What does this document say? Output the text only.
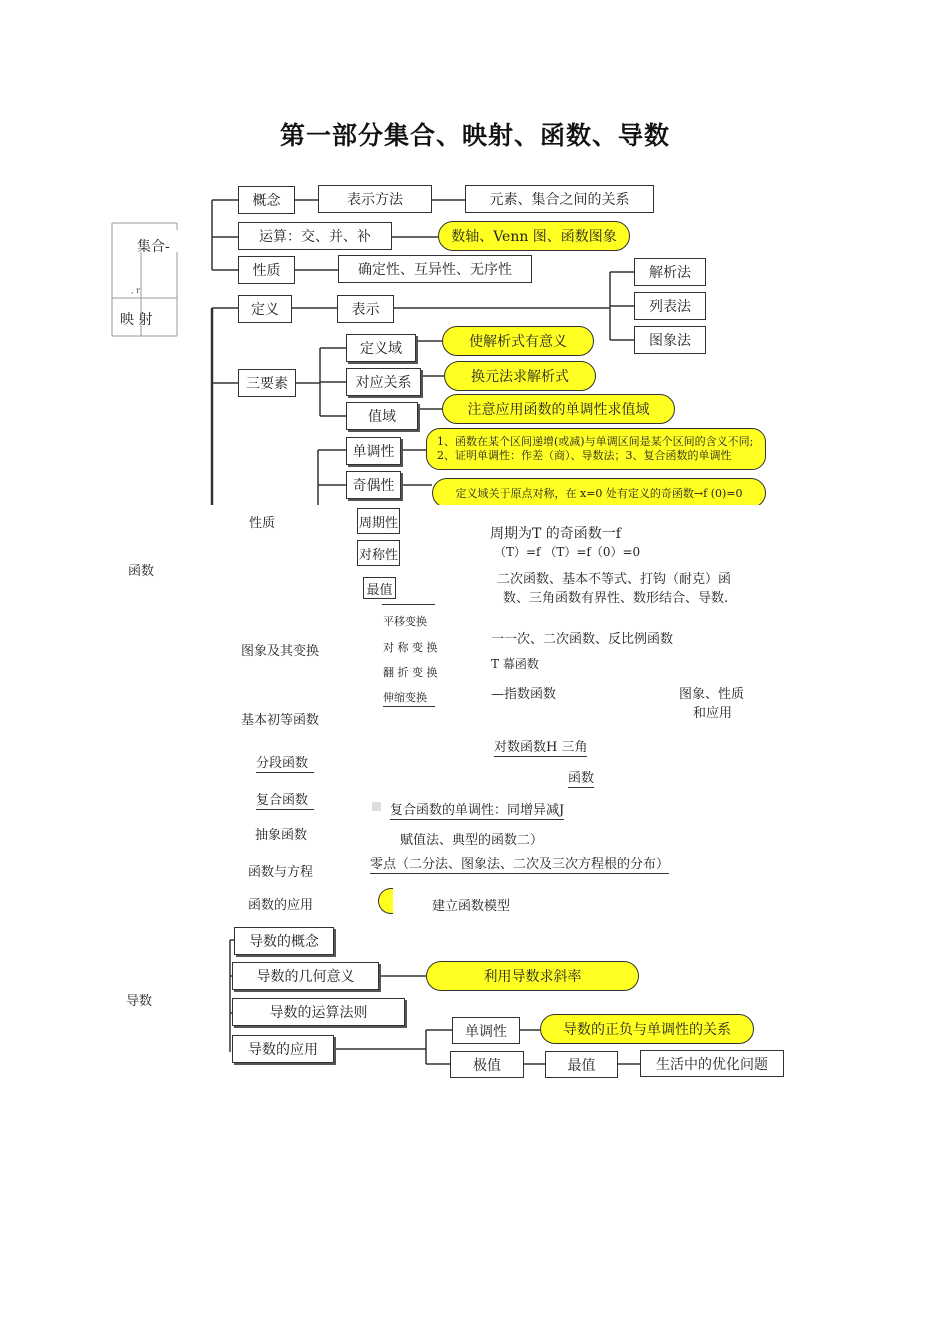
第一部分集合、映射、函数、导数
集合-
, r
映 射
函数
导数
概念	表示方法	元素、集合之间的关系
运算：交、并、补	数轴、Venn 图、函数图象
性质	确定性、互异性、无序性
定义	表示
解析法
列表法
图象法
三要素
定义域	使解析式有意义
对应关系	换元法求解析式
值域	注意应用函数的单调性求值域
单调性
1、函数在某个区间递增(或减)与单调区间是某个区间的含义不同;
2、证明单调性：作差（商）、导数法；3、复合函数的单调性
奇偶性	定义域关于原点对称，在 x=0 处有定义的奇函数→f (0)=0
性质	周期性
对称性
最值
周期为T 的奇函数一f
（T）=f （T）=f（0）=0
二次函数、基本不等式、打钩（耐克）函
数、三角函数有界性、数形结合、导数.
图象及其变换
平移变换
对 称 变 换
翻 折 变 换
伸缩变换
一一次、二次函数、反比例函数
T 幕函数
—指数函数	图象、性质
和应用
基本初等函数
对数函数H 三角
函数
分段函数
复合函数
复合函数的单调性：同增异减J
抽象函数	赋值法、典型的函数二）
函数与方程
零点（二分法、图象法、二次及三次方程根的分布）
函数的应用	建立函数模型
导数的概念
导数的几何意义	利用导数求斜率
导数的运算法则
导数的应用
单调性	导数的正负与单调性的关系
极值	最值	生活中的优化问题
